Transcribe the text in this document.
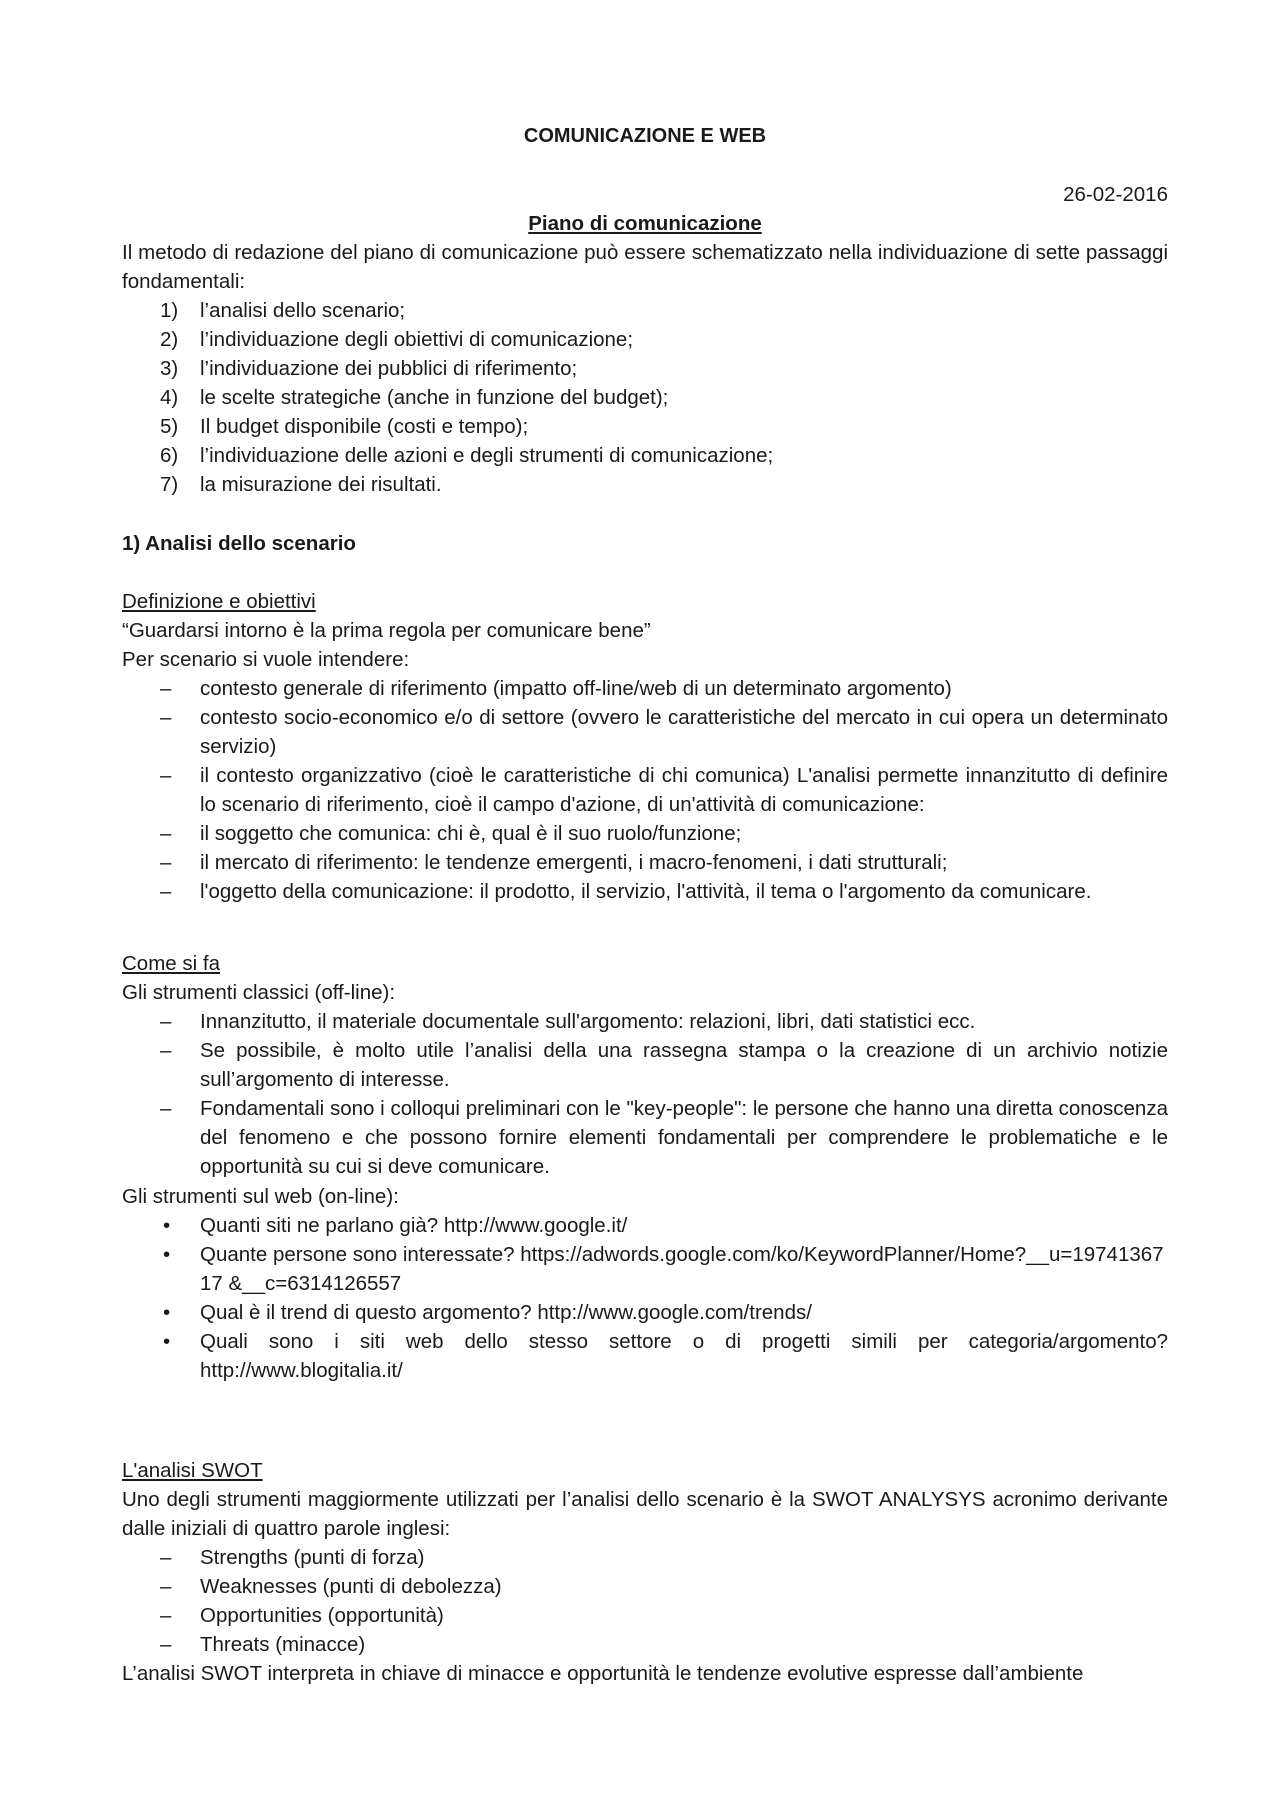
COMUNICAZIONE E WEB
26-02-2016
Piano di comunicazione

Il metodo di redazione del piano di comunicazione può essere schematizzato nella individuazione di sette passaggi fondamentali:

1) l’analisi dello scenario;
2) l’individuazione degli obiettivi di comunicazione;
3) l’individuazione dei pubblici di riferimento;
4) le scelte strategiche (anche in funzione del budget);
5) Il budget disponibile (costi e tempo);
6) l’individuazione delle azioni e degli strumenti di comunicazione;
7) la misurazione dei risultati.
1) Analisi dello scenario
Definizione e obiettivi
“Guardarsi intorno è la prima regola per comunicare bene”
Per scenario si vuole intendere:
– contesto generale di riferimento (impatto off-line/web di un determinato argomento)
– contesto socio-economico e/o di settore (ovvero le caratteristiche del mercato in cui opera un determinato servizio)
– il contesto organizzativo (cioè le caratteristiche di chi comunica) L'analisi permette innanzitutto di definire lo scenario di riferimento, cioè il campo d'azione, di un'attività di comunicazione:
– il soggetto che comunica: chi è, qual è il suo ruolo/funzione;
– il mercato di riferimento: le tendenze emergenti, i macro-fenomeni, i dati strutturali;
– l'oggetto della comunicazione: il prodotto, il servizio, l'attività, il tema o l'argomento da comunicare.
Come si fa
Gli strumenti classici (off-line):
– Innanzitutto, il materiale documentale sull'argomento: relazioni, libri, dati statistici ecc.
– Se possibile, è molto utile l’analisi della una rassegna stampa o la creazione di un archivio notizie sull’argomento di interesse.
– Fondamentali sono i colloqui preliminari con le "key-people": le persone che hanno una diretta conoscenza del fenomeno e che possono fornire elementi fondamentali per comprendere le problematiche e le opportunità su cui si deve comunicare.
Gli strumenti sul web (on-line):
• Quanti siti ne parlano già? http://www.google.it/
• Quante persone sono interessate? https://adwords.google.com/ko/KeywordPlanner/Home?__u=1974136717 &__c=6314126557
• Qual è il trend di questo argomento? http://www.google.com/trends/
• Quali sono i siti web dello stesso settore o di progetti simili per categoria/argomento? http://www.blogitalia.it/
L'analisi SWOT
Uno degli strumenti maggiormente utilizzati per l’analisi dello scenario è la SWOT ANALYSYS acronimo derivante dalle iniziali di quattro parole inglesi:
– Strengths (punti di forza)
– Weaknesses (punti di debolezza)
– Opportunities (opportunità)
– Threats (minacce)
L’analisi SWOT interpreta in chiave di minacce e opportunità le tendenze evolutive espresse dall’ambiente
